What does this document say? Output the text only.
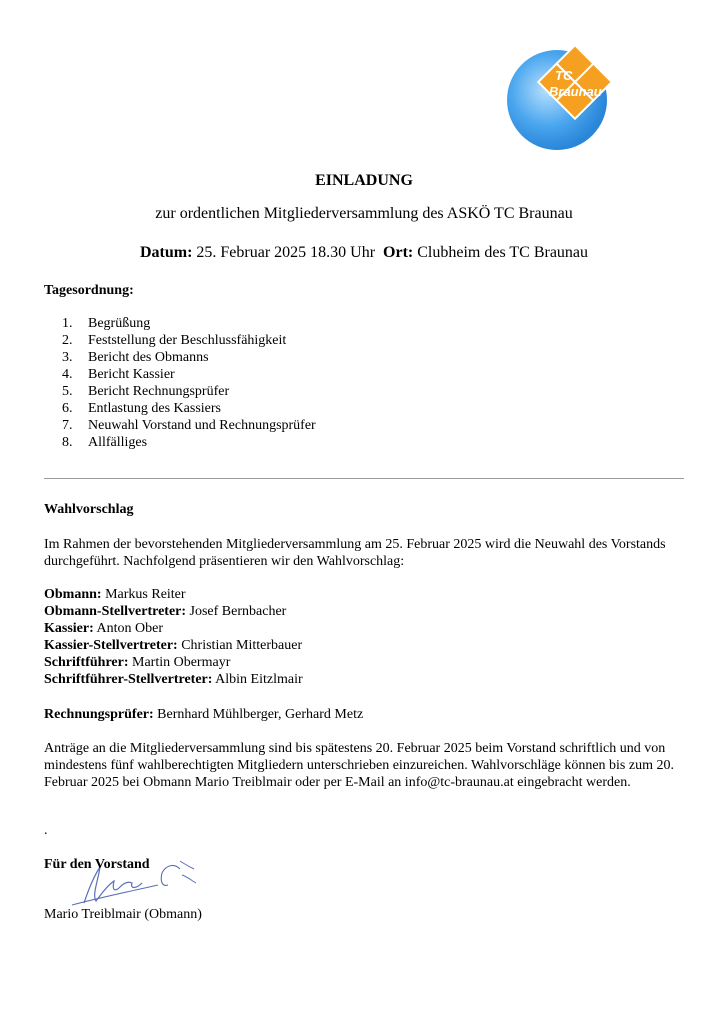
TC
Braunau
EINLADUNG
zur ordentlichen Mitgliederversammlung des ASKÖ TC Braunau
Datum: 25. Februar 2025 18.30 Uhr Ort: Clubheim des TC Braunau
Tagesordnung:
1. Begrüßung
2. Feststellung der Beschlussfähigkeit
3. Bericht des Obmanns
4. Bericht Kassier
5. Bericht Rechnungsprüfer
6. Entlastung des Kassiers
7. Neuwahl Vorstand und Rechnungsprüfer
8. Allfälliges
Wahlvorschlag
Im Rahmen der bevorstehenden Mitgliederversammlung am 25. Februar 2025 wird die Neuwahl des Vorstands durchgeführt. Nachfolgend präsentieren wir den Wahlvorschlag:
Obmann: Markus Reiter
Obmann-Stellvertreter: Josef Bernbacher
Kassier: Anton Ober
Kassier-Stellvertreter: Christian Mitterbauer
Schriftführer: Martin Obermayr
Schriftführer-Stellvertreter: Albin Eitzlmair
Rechnungsprüfer: Bernhard Mühlberger, Gerhard Metz
Anträge an die Mitgliederversammlung sind bis spätestens 20. Februar 2025 beim Vorstand schriftlich und von mindestens fünf wahlberechtigten Mitgliedern unterschrieben einzureichen. Wahlvorschläge können bis zum 20. Februar 2025 bei Obmann Mario Treiblmair oder per E-Mail an info@tc-braunau.at eingebracht werden.
.
Für den Vorstand
Mario Treiblmair (Obmann)
